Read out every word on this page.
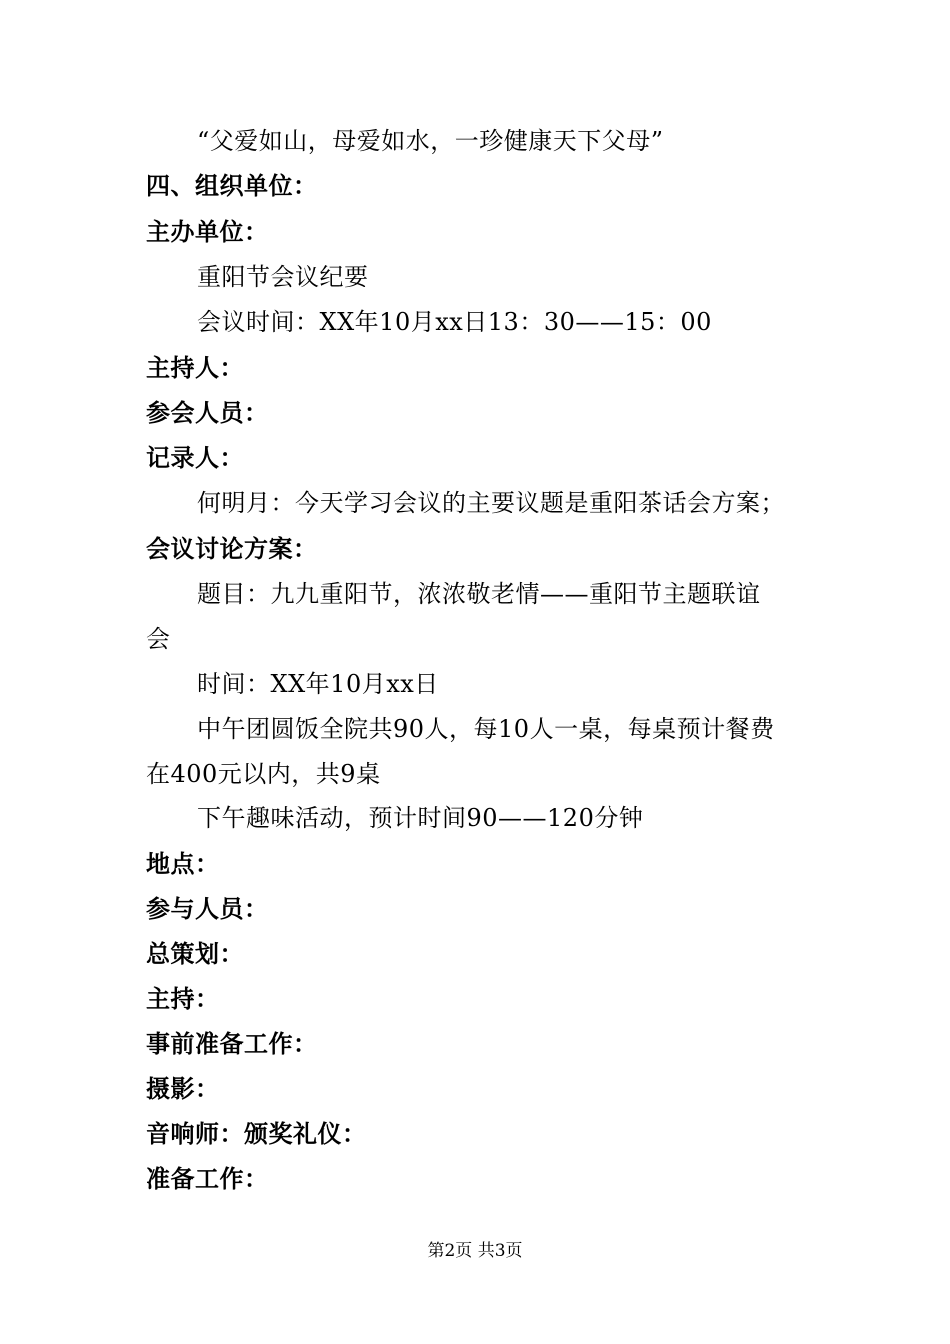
“父爱如山，母爱如水，一珍健康天下父母”
四、组织单位：
主办单位：
重阳节会议纪要
会议时间：XX年10月xx日13：30——15：00
主持人：
参会人员：
记录人：
何明月：今天学习会议的主要议题是重阳茶话会方案；
会议讨论方案：
题目：九九重阳节，浓浓敬老情——重阳节主题联谊
会
时间：XX年10月xx日
中午团圆饭全院共90人，每10人一桌，每桌预计餐费
在400元以内，共9桌
下午趣味活动，预计时间90——120分钟
地点：
参与人员：
总策划：
主持：
事前准备工作：
摄影：
音响师：颁奖礼仪：
准备工作：
第2页 共3页
